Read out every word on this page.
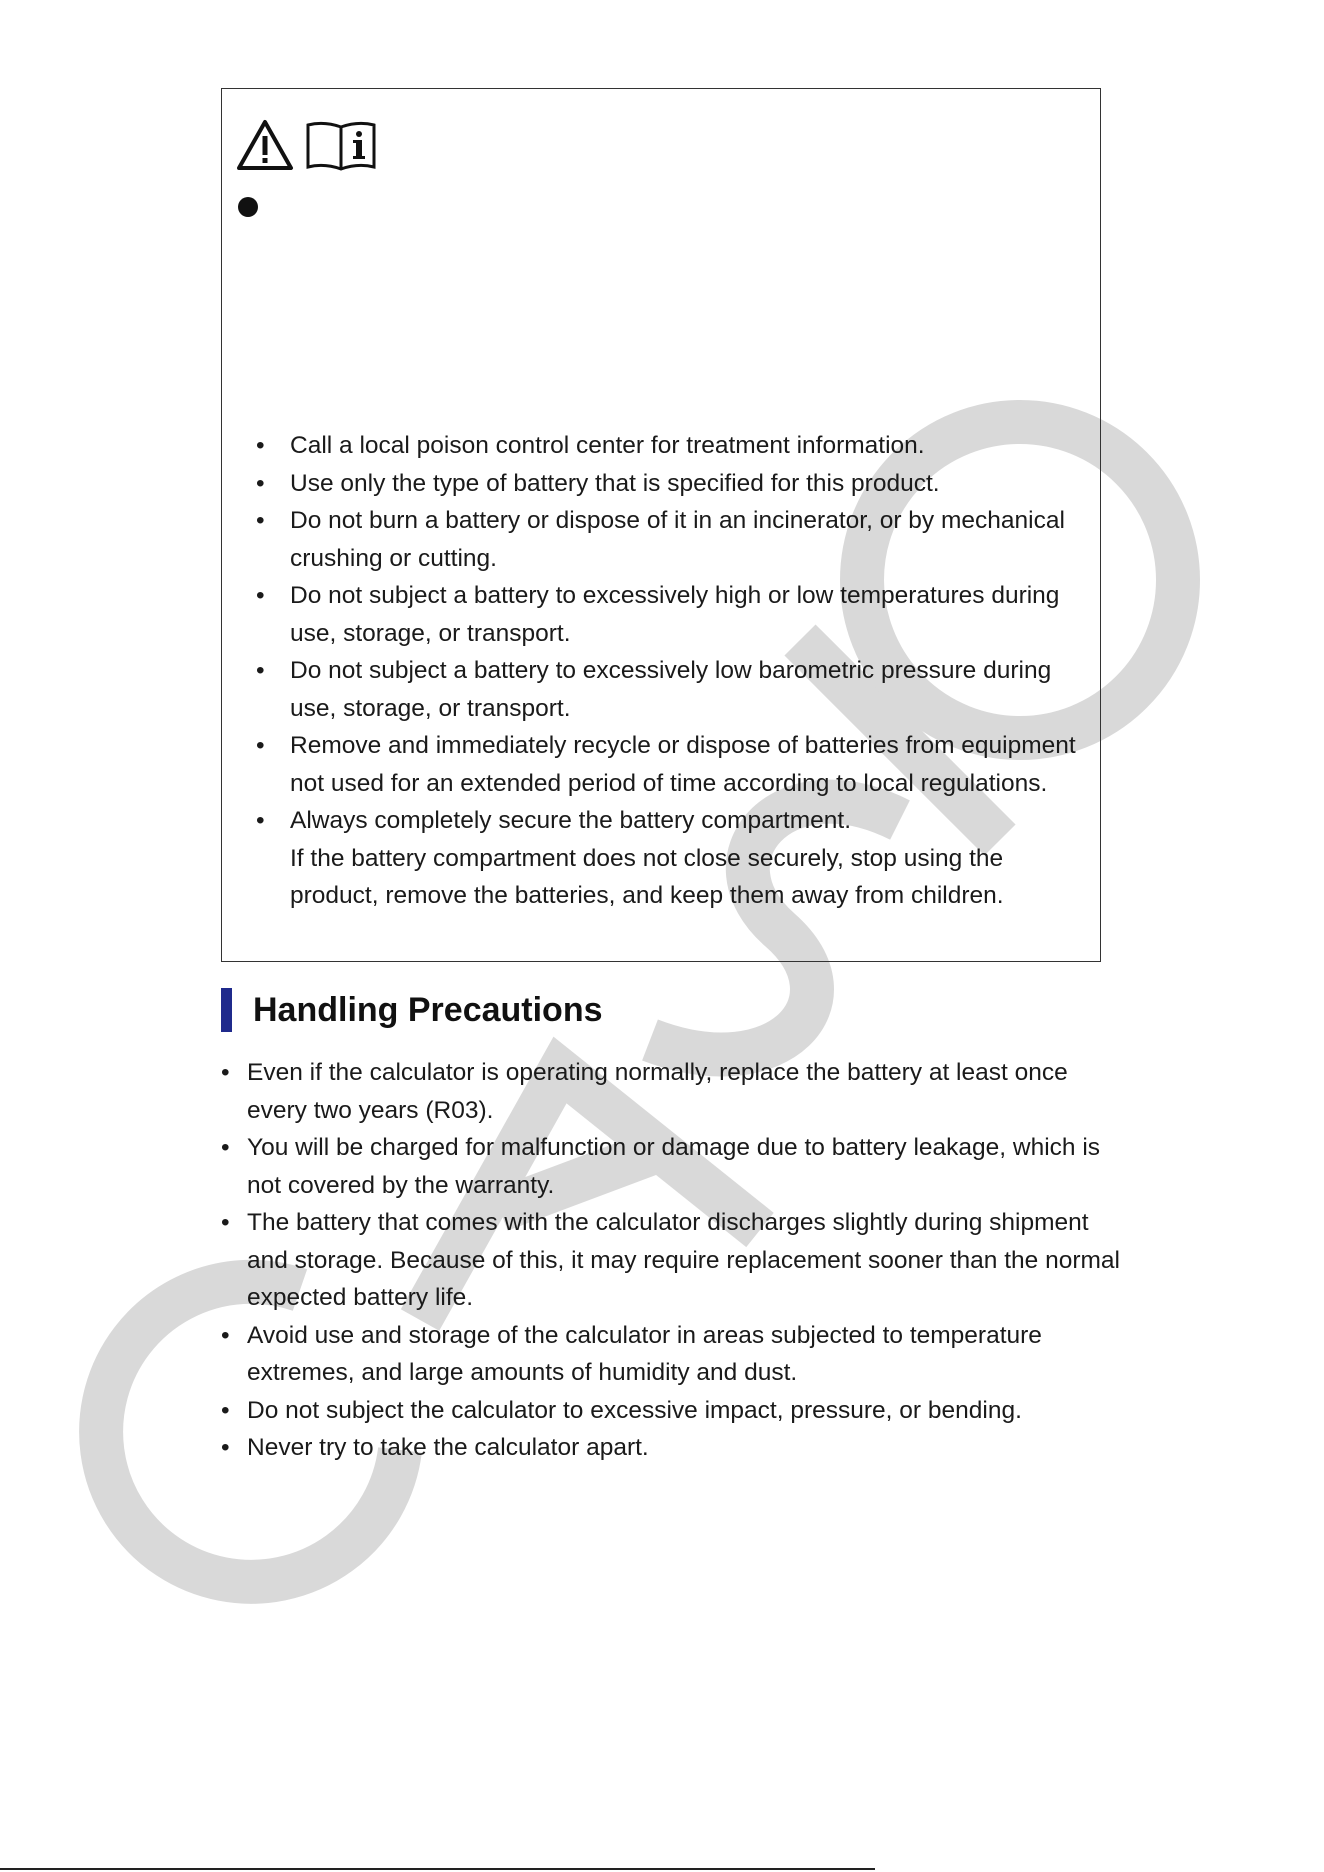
• Call a local poison control center for treatment information.
• Use only the type of battery that is specified for this product.
• Do not burn a battery or dispose of it in an incinerator, or by mechanical crushing or cutting.
• Do not subject a battery to excessively high or low temperatures during use, storage, or transport.
• Do not subject a battery to excessively low barometric pressure during use, storage, or transport.
• Remove and immediately recycle or dispose of batteries from equipment not used for an extended period of time according to local regulations.
• Always completely secure the battery compartment.
If the battery compartment does not close securely, stop using the product, remove the batteries, and keep them away from children.
Handling Precautions
• Even if the calculator is operating normally, replace the battery at least once every two years (R03).
• You will be charged for malfunction or damage due to battery leakage, which is not covered by the warranty.
• The battery that comes with the calculator discharges slightly during shipment and storage. Because of this, it may require replacement sooner than the normal expected battery life.
• Avoid use and storage of the calculator in areas subjected to temperature extremes, and large amounts of humidity and dust.
• Do not subject the calculator to excessive impact, pressure, or bending.
• Never try to take the calculator apart.
